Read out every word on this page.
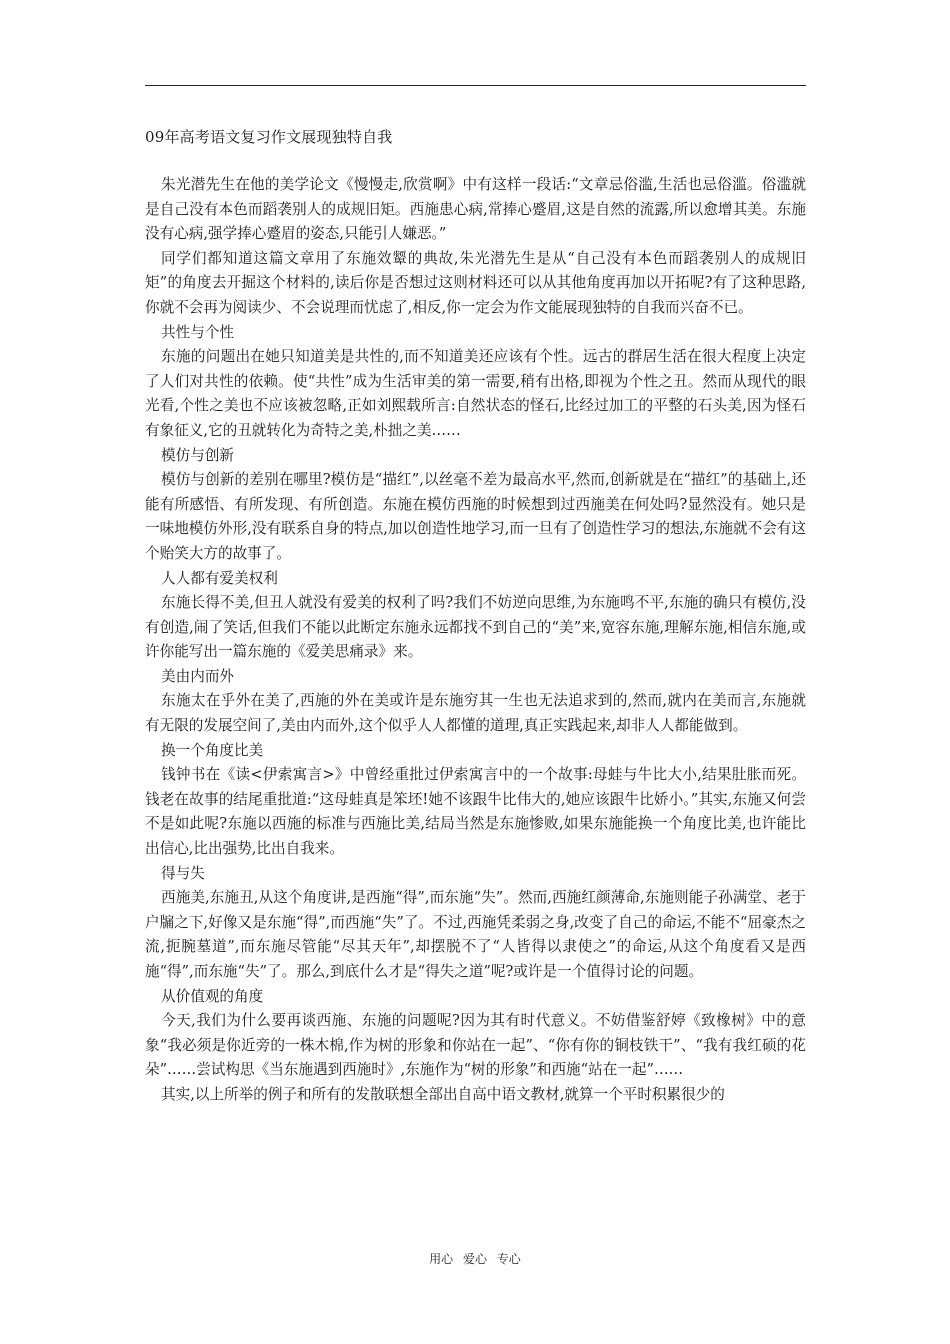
09年高考语文复习作文展现独特自我

朱光潜先生在他的美学论文《慢慢走,欣赏啊》中有这样一段话:“文章忌俗滥,生活也忌俗滥。俗滥就是自己没有本色而蹈袭别人的成规旧矩。西施患心病,常捧心蹙眉,这是自然的流露,所以愈增其美。东施没有心病,强学捧心蹙眉的姿态,只能引人嫌恶。”

同学们都知道这篇文章用了东施效颦的典故,朱光潜先生是从“自己没有本色而蹈袭别人的成规旧矩”的角度去开掘这个材料的,读后你是否想过这则材料还可以从其他角度再加以开拓呢?有了这种思路,你就不会再为阅读少、不会说理而忧虑了,相反,你一定会为作文能展现独特的自我而兴奋不已。

共性与个性

东施的问题出在她只知道美是共性的,而不知道美还应该有个性。远古的群居生活在很大程度上决定了人们对共性的依赖。使“共性”成为生活审美的第一需要,稍有出格,即视为个性之丑。然而从现代的眼光看,个性之美也不应该被忽略,正如刘熙载所言:自然状态的怪石,比经过加工的平整的石头美,因为怪石有象征义,它的丑就转化为奇特之美,朴拙之美……

模仿与创新

模仿与创新的差别在哪里?模仿是“描红”,以丝毫不差为最高水平,然而,创新就是在“描红”的基础上,还能有所感悟、有所发现、有所创造。东施在模仿西施的时候想到过西施美在何处吗?显然没有。她只是一味地模仿外形,没有联系自身的特点,加以创造性地学习,而一旦有了创造性学习的想法,东施就不会有这个贻笑大方的故事了。

人人都有爱美权利

东施长得不美,但丑人就没有爱美的权利了吗?我们不妨逆向思维,为东施鸣不平,东施的确只有模仿,没有创造,闹了笑话,但我们不能以此断定东施永远都找不到自己的“美”来,宽容东施,理解东施,相信东施,或许你能写出一篇东施的《爱美思痛录》来。

美由内而外

东施太在乎外在美了,西施的外在美或许是东施穷其一生也无法追求到的,然而,就内在美而言,东施就有无限的发展空间了,美由内而外,这个似乎人人都懂的道理,真正实践起来,却非人人都能做到。

换一个角度比美

钱钟书在《读<伊索寓言>》中曾经重批过伊索寓言中的一个故事:母蛙与牛比大小,结果肚胀而死。钱老在故事的结尾重批道:“这母蛙真是笨坯!她不该跟牛比伟大的,她应该跟牛比娇小。”其实,东施又何尝不是如此呢?东施以西施的标准与西施比美,结局当然是东施惨败,如果东施能换一个角度比美,也许能比出信心,比出强势,比出自我来。

得与失

西施美,东施丑,从这个角度讲,是西施“得”,而东施“失”。然而,西施红颜薄命,东施则能子孙满堂、老于户牖之下,好像又是东施“得”,而西施“失”了。不过,西施凭柔弱之身,改变了自己的命运,不能不“屈豪杰之流,扼腕墓道”,而东施尽管能“尽其天年”,却摆脱不了“人皆得以隶使之”的命运,从这个角度看又是西施“得”,而东施“失”了。那么,到底什么才是“得失之道”呢?或许是一个值得讨论的问题。

从价值观的角度

今天,我们为什么要再谈西施、东施的问题呢?因为其有时代意义。不妨借鉴舒婷《致橡树》中的意象“我必须是你近旁的一株木棉,作为树的形象和你站在一起”、“你有你的铜枝铁干”、“我有我红硕的花朵”……尝试构思《当东施遇到西施时》,东施作为“树的形象”和西施“站在一起”……

其实,以上所举的例子和所有的发散联想全部出自高中语文教材,就算一个平时积累很少的

用心 爱心 专心
